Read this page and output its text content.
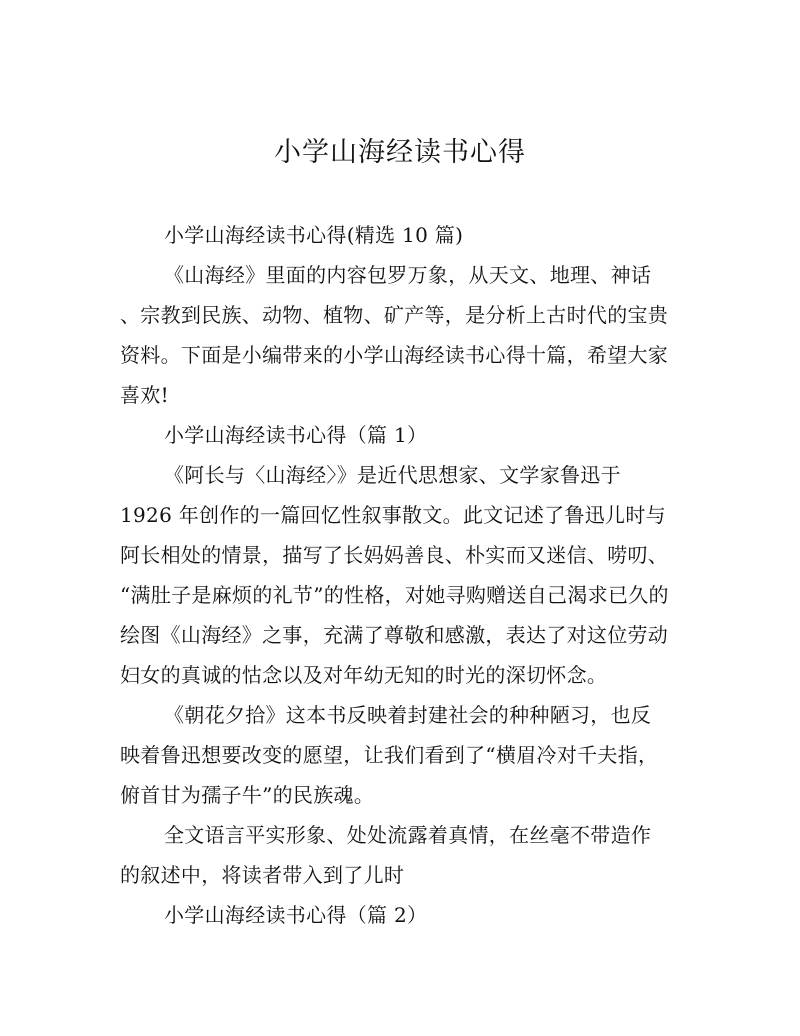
小学山海经读书心得
小学山海经读书心得(精选 10 篇)
《山海经》里面的内容包罗万象，从天文、地理、神话
、宗教到民族、动物、植物、矿产等，是分析上古时代的宝贵
资料。下面是小编带来的小学山海经读书心得十篇，希望大家
喜欢!
小学山海经读书心得（篇 1）
《阿长与〈山海经〉》是近代思想家、文学家鲁迅于
1926 年创作的一篇回忆性叙事散文。此文记述了鲁迅儿时与
阿长相处的情景，描写了长妈妈善良、朴实而又迷信、唠叨、
“满肚子是麻烦的礼节”的性格，对她寻购赠送自己渴求已久的
绘图《山海经》之事，充满了尊敬和感激，表达了对这位劳动
妇女的真诚的怙念以及对年幼无知的时光的深切怀念。
《朝花夕拾》这本书反映着封建社会的种种陋习，也反
映着鲁迅想要改变的愿望，让我们看到了“横眉冷对千夫指，
俯首甘为孺子牛”的民族魂。
全文语言平实形象、处处流露着真情，在丝毫不带造作
的叙述中，将读者带入到了儿时
小学山海经读书心得（篇 2）
